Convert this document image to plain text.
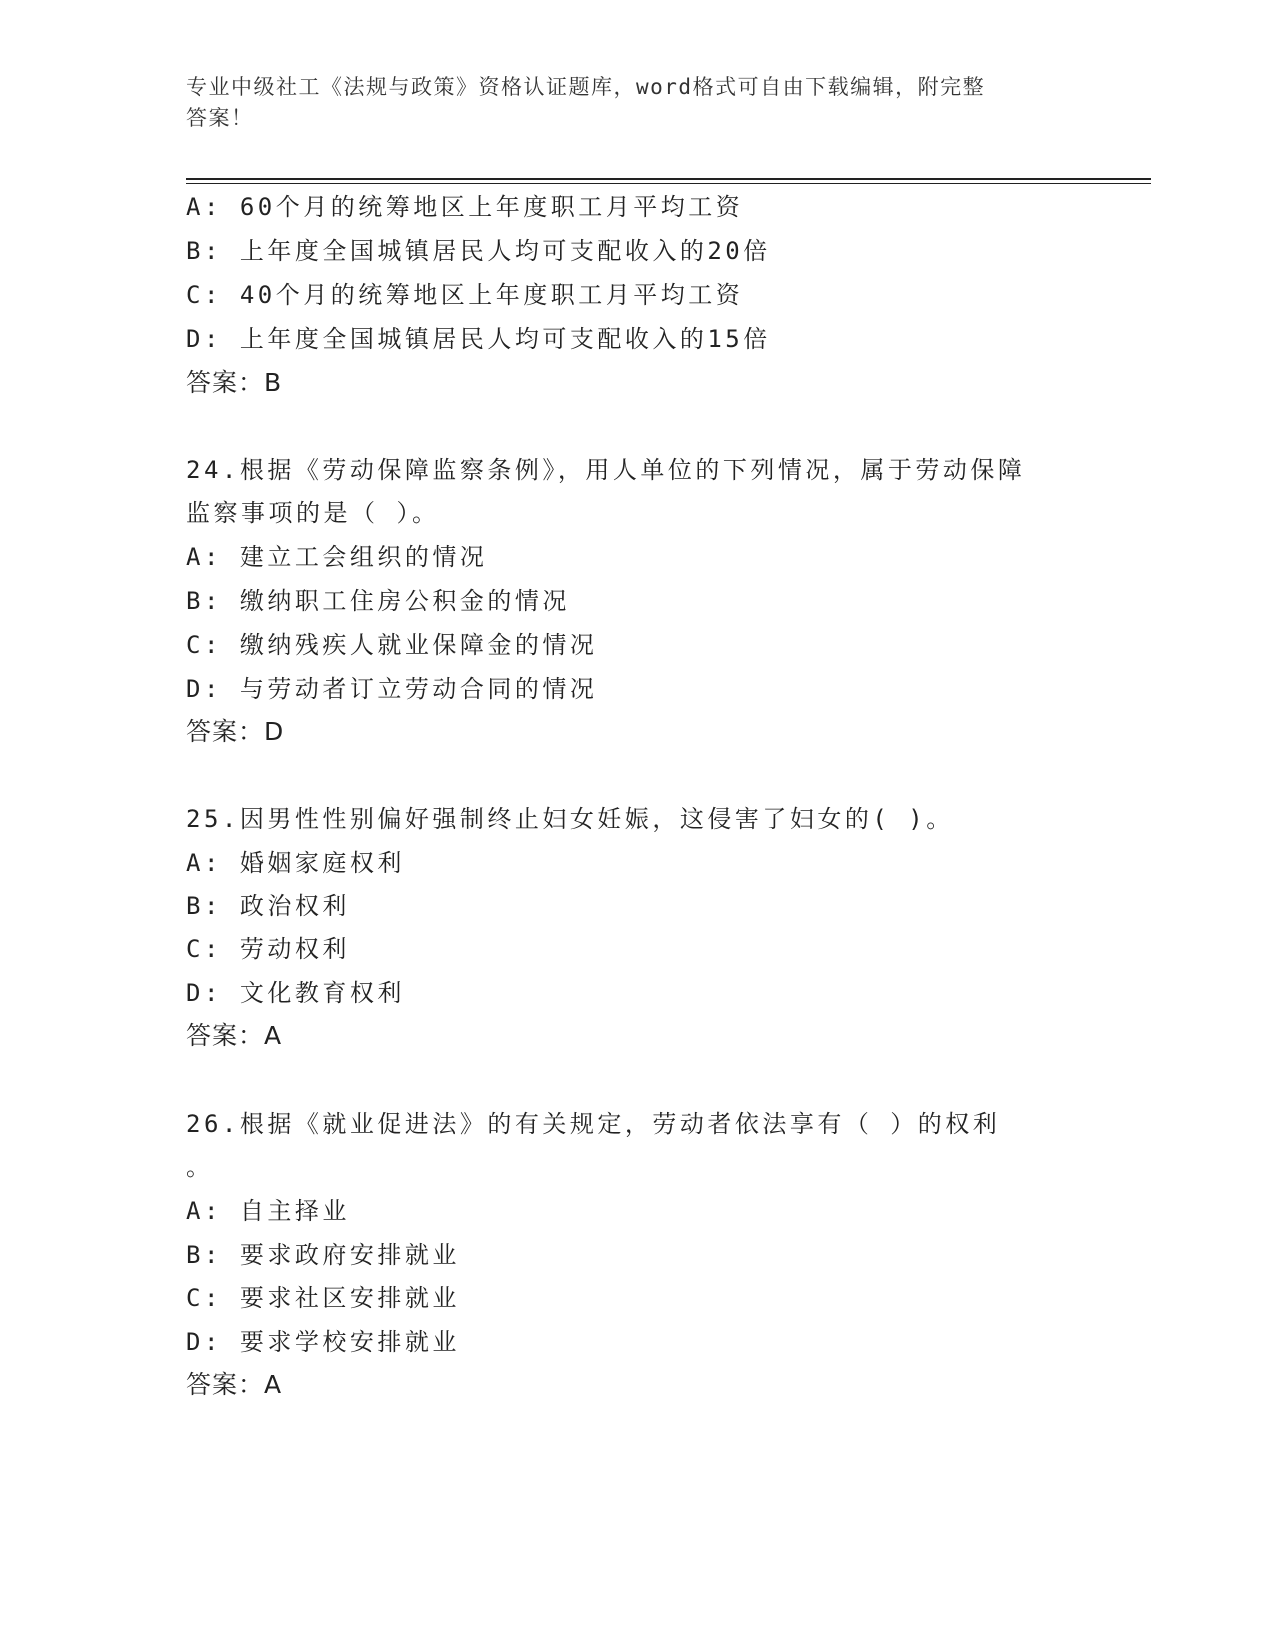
专业中级社工《法规与政策》资格认证题库，word格式可自由下载编辑，附完整
答案！
A: 60个月的统筹地区上年度职工月平均工资
B: 上年度全国城镇居民人均可支配收入的20倍
C: 40个月的统筹地区上年度职工月平均工资
D: 上年度全国城镇居民人均可支配收入的15倍
答案：B
24.根据《劳动保障监察条例》，用人单位的下列情况，属于劳动保障
监察事项的是（ ）。
A: 建立工会组织的情况
B: 缴纳职工住房公积金的情况
C: 缴纳残疾人就业保障金的情况
D: 与劳动者订立劳动合同的情况
答案：D
25.因男性性别偏好强制终止妇女妊娠，这侵害了妇女的( )。
A: 婚姻家庭权利
B: 政治权利
C: 劳动权利
D: 文化教育权利
答案：A
26.根据《就业促进法》的有关规定，劳动者依法享有（ ）的权利
。
A: 自主择业
B: 要求政府安排就业
C: 要求社区安排就业
D: 要求学校安排就业
答案：A
